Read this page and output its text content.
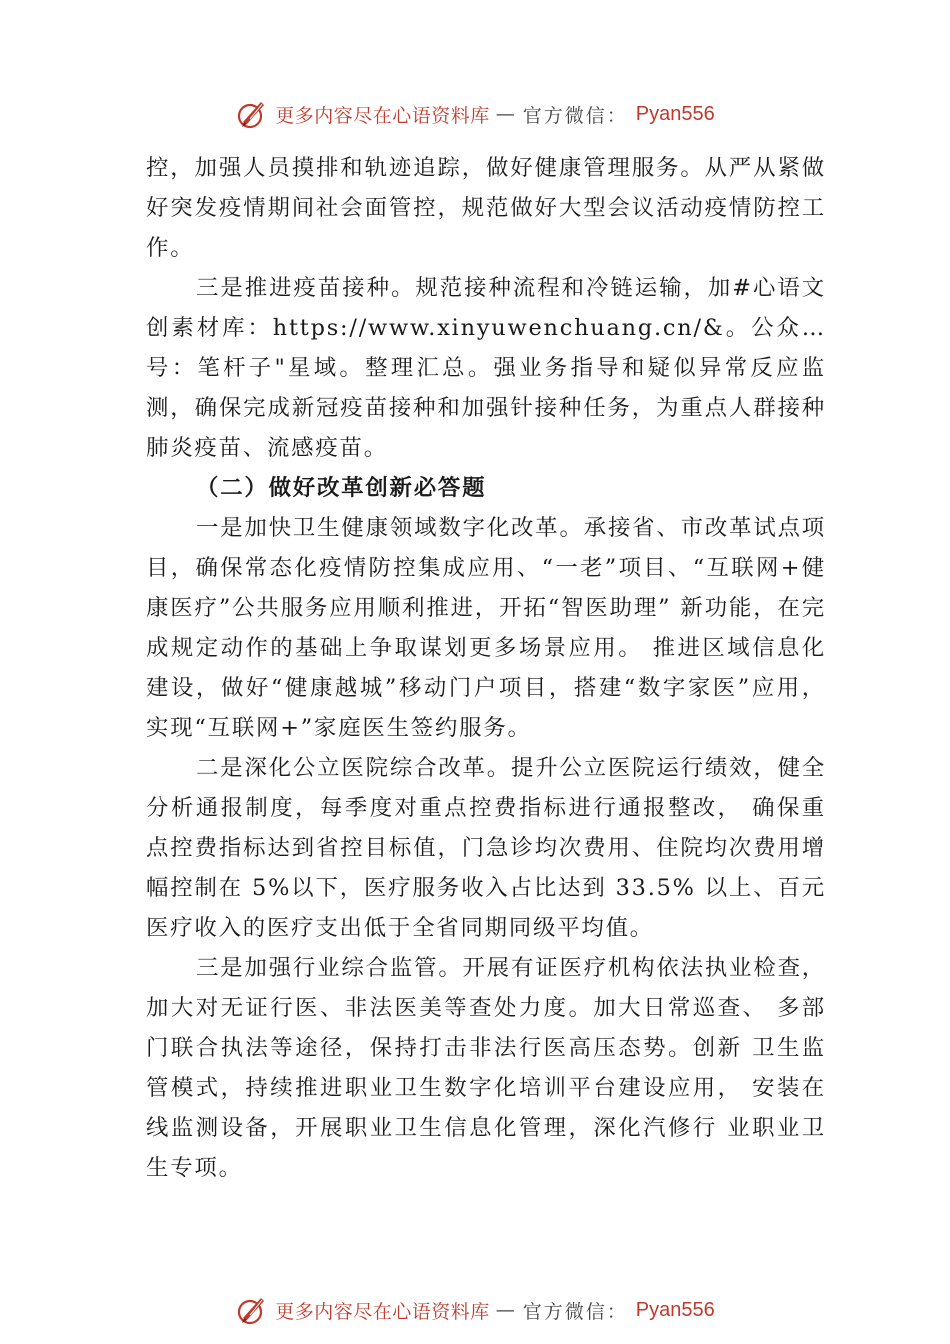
更多内容尽在心语资料库 — 官方微信： Pyan556

控，加强人员摸排和轨迹追踪，做好健康管理服务。从严从紧做好突发疫情期间社会面管控，规范做好大型会议活动疫情防控工作。

三是推进疫苗接种。规范接种流程和冷链运输，加#心语文创素材库：https://www.xinyuwenchuang.cn/&。公众…号：笔杆子"星域。整理汇总。强业务指导和疑似异常反应监测，确保完成新冠疫苗接种和加强针接种任务，为重点人群接种肺炎疫苗、流感疫苗。

（二）做好改革创新必答题

一是加快卫生健康领域数字化改革。承接省、市改革试点项目，确保常态化疫情防控集成应用、“一老”项目、“互联网+健康医疗”公共服务应用顺利推进，开拓“智医助理” 新功能，在完成规定动作的基础上争取谋划更多场景应用。 推进区域信息化建设，做好“健康越城”移动门户项目，搭建“数字家医”应用，实现“互联网+”家庭医生签约服务。

二是深化公立医院综合改革。提升公立医院运行绩效，健全分析通报制度，每季度对重点控费指标进行通报整改， 确保重点控费指标达到省控目标值，门急诊均次费用、住院均次费用增幅控制在 5%以下，医疗服务收入占比达到 33.5% 以上、百元医疗收入的医疗支出低于全省同期同级平均值。

三是加强行业综合监管。开展有证医疗机构依法执业检查，加大对无证行医、非法医美等查处力度。加大日常巡查、 多部门联合执法等途径，保持打击非法行医高压态势。创新 卫生监管模式，持续推进职业卫生数字化培训平台建设应用， 安装在线监测设备，开展职业卫生信息化管理，深化汽修行 业职业卫生专项。

更多内容尽在心语资料库 — 官方微信： Pyan556
